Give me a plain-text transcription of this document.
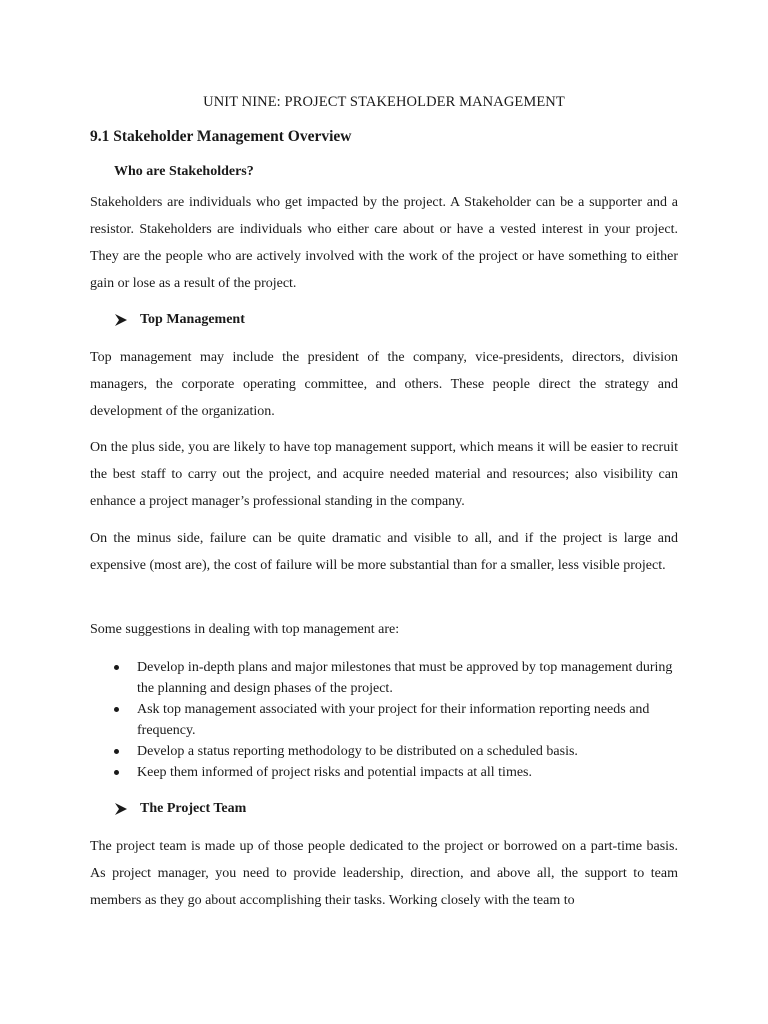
UNIT NINE: PROJECT STAKEHOLDER MANAGEMENT
9.1 Stakeholder Management Overview
Who are Stakeholders?
Stakeholders are individuals who get impacted by the project. A Stakeholder can be a supporter and a resistor. Stakeholders are individuals who either care about or have a vested interest in your project. They are the people who are actively involved with the work of the project or have something to either gain or lose as a result of the project.
Top Management
Top management may include the president of the company, vice-presidents, directors, division managers, the corporate operating committee, and others. These people direct the strategy and development of the organization.
On the plus side, you are likely to have top management support, which means it will be easier to recruit the best staff to carry out the project, and acquire needed material and resources; also visibility can enhance a project manager’s professional standing in the company.
On the minus side, failure can be quite dramatic and visible to all, and if the project is large and expensive (most are), the cost of failure will be more substantial than for a smaller, less visible project.
Some suggestions in dealing with top management are:
Develop in-depth plans and major milestones that must be approved by top management during the planning and design phases of the project.
Ask top management associated with your project for their information reporting needs and frequency.
Develop a status reporting methodology to be distributed on a scheduled basis.
Keep them informed of project risks and potential impacts at all times.
The Project Team
The project team is made up of those people dedicated to the project or borrowed on a part-time basis. As project manager, you need to provide leadership, direction, and above all, the support to team members as they go about accomplishing their tasks. Working closely with the team to
